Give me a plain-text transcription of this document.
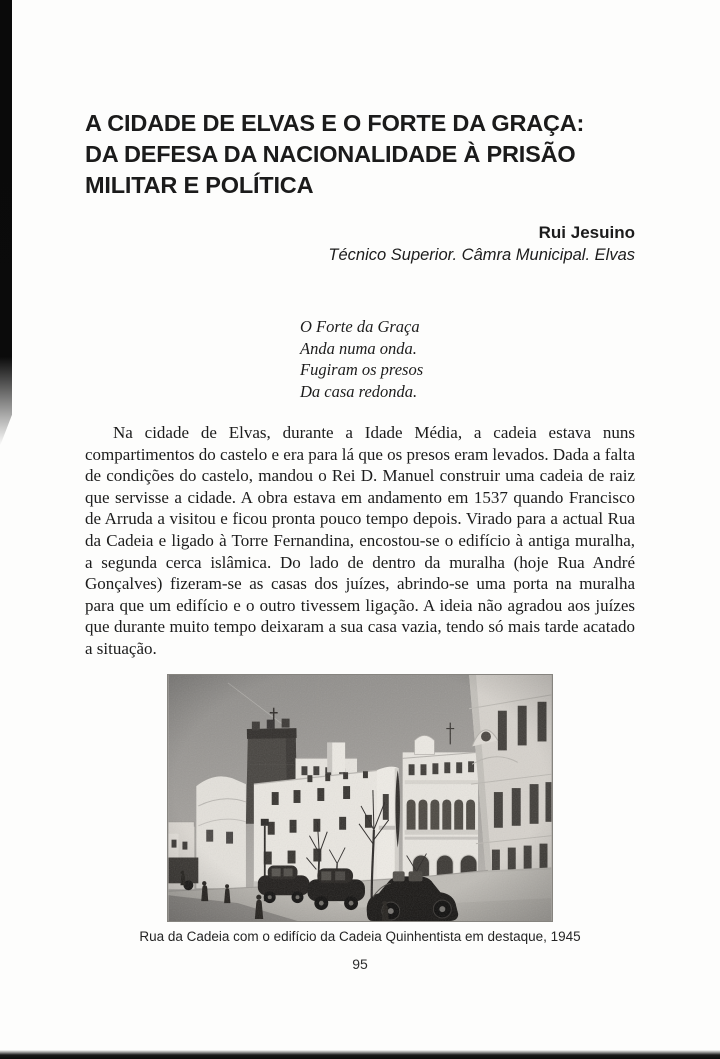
A CIDADE DE ELVAS E O FORTE DA GRAÇA:
DA DEFESA DA NACIONALIDADE À PRISÃO
MILITAR E POLÍTICA
Rui Jesuino
Técnico Superior. Câmra Municipal. Elvas
O Forte da Graça
Anda numa onda.
Fugiram os presos
Da casa redonda.

Na cidade de Elvas, durante a Idade Média, a cadeia estava nuns compartimentos do castelo e era para lá que os presos eram levados. Dada a falta de condições do castelo, mandou o Rei D. Manuel construir uma cadeia de raiz que servisse a cidade. A obra estava em andamento em 1537 quando Francisco de Arruda a visitou e ficou pronta pouco tempo depois. Virado para a actual Rua da Cadeia e ligado à Torre Fernandina, encostou-se o edifício à antiga muralha, a segunda cerca islâmica. Do lado de dentro da muralha (hoje Rua André Gonçalves) fizeram-se as casas dos juízes, abrindo-se uma porta na muralha para que um edifício e o outro tivessem ligação. A ideia não agradou aos juízes que durante muito tempo deixaram a sua casa vazia, tendo só mais tarde acatado a situação.

Rua da Cadeia com o edifício da Cadeia Quinhentista em destaque, 1945
95
